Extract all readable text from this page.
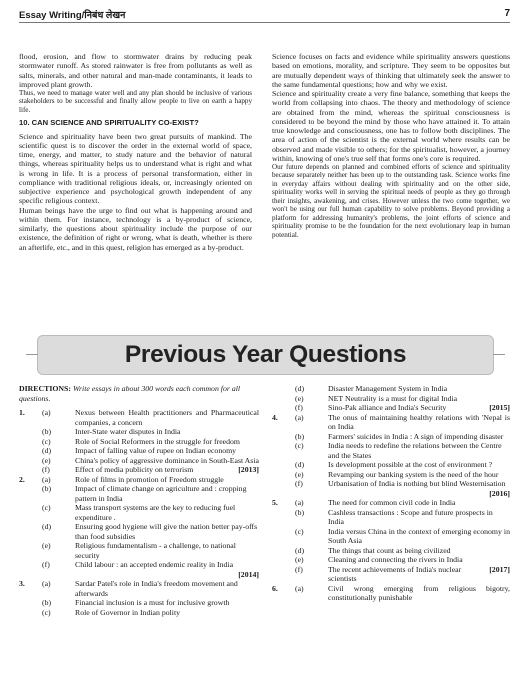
Essay Writing/निबंध लेखन	7

flood, erosion, and flow to stormwater drains by reducing peak stormwater runoff. As stored rainwater is free from pollutants as well as salts, minerals, and other natural and man-made contaminants, it leads to improved plant growth.

Thus, we need to manage water well and any plan should be inclusive of various stakeholders to be successful and finally allow people to live on earth a happy life.

10. CAN SCIENCE AND SPIRITUALITY CO-EXIST?

Science and spirituality have been two great pursuits of mankind. The scientific quest is to discover the order in the external world of space, time, energy, and matter, to study nature and the behavior of natural things, whereas spirituality helps us to understand what is right and what is wrong in life. It is a process of personal transformation, either in compliance with traditional religious ideals, or, increasingly oriented on subjective experience and psychological growth independent of any specific religious context.

Human beings have the urge to find out what is happening around and within them. For instance, technology is a by-product of science, similarly, the questions about spirituality include the purpose of our existence, the definition of right or wrong, what is death, whether is there an afterlife, etc., and in this quest, religion has emerged as a by-product.

Science focuses on facts and evidence while spirituality answers questions based on emotions, morality, and scripture. They seem to be opposites but are mutually dependent ways of thinking that ultimately seek the answer to the same fundamental questions; how and why we exist.

Science and spirituality create a very fine balance, something that keeps the world from collapsing into chaos. The theory and methodology of science are obtained from the mind, whereas the spiritual consciousness is considered to be beyond the mind by those who have attained it. To attain true knowledge and consciousness, one has to follow both disciplines. The area of action of the scientist is the external world where results can be observed and made visible to others; for the spiritualist, however, a journey within, knowing of one's true self that forms one's core is required.

Our future depends on planned and combined efforts of science and spirituality because separately neither has been up to the outstanding task. Science works fine in everyday affairs without dealing with spirituality and on the other side, spirituality works well in serving the spiritual needs of people as they go through their insights, awakening, and crises. However unless the two come together, we won't be using our full human capability to solve problems. Beyond providing a platform for addressing humanity's problems, the joint efforts of science and spirituality promise to be the foundation for the next evolutionary leap in human potential.

Previous Year Questions
DIRECTIONS: Write essays in about 300 words each common for all questions.
1. (a)	Nexus between Health practitioners and Pharmaceutical companies, a concern
(b)	Inter-State water disputes in India
(c)	Role of Social Reformers in the struggle for freedom
(d)	Impact of falling value of rupee on Indian economy
(e)	China's policy of aggressive dominance in South-East Asia
(f)	Effect of media publicity on terrorism	[2013]
2. (a)	Role of films in promotion of Freedom struggle
(b)	Impact of climate change on agriculture and : cropping pattern in India
(c)	Mass transport systems are the key to reducing fuel expenditure .
(d)	Ensuring good hygiene will give the nation better pay-offs than food subsidies
(e)	Religious fundamentalism - a challenge, to national security
(f)	Child labour : an accepted endemic reality in India
[2014]
3. (a)	Sardar Patel's role in India's freedom movement and afterwards
(b)	Financial inclusion is a must for inclusive growth
(c)	Role of Governor in Indian polity
(d)	Disaster Management System in India
(e)	NET Neutrality is a must for digital India
(f)	Sino-Pak alliance and India's Security	[2015]
4. (a)	The onus of maintaining healthy relations with 'Nepal is on India
(b)	Farmers' suicides in India : A sign of impending disaster
(c)	India needs to redefine the relations between the Centre and the States
(d)	Is development possible at the cost of environment ?
(e)	Revamping our banking system is the need of the hour
(f)	Urbanisation of India is nothing but blind Westernisation
[2016]
5. (a)	The need for common civil code in India
(b)	Cashless transactions : Scope and future prospects in India
(c)	India versus China in the context of emerging economy in South Asia
(d)	The things that count as being civilized
(e)	Cleaning and connecting the rivers in India
(f)	The recent achievements of India's nuclear scientists
[2017]
6. (a)	Civil wrong emerging from religious bigotry, constitutionally punishable
